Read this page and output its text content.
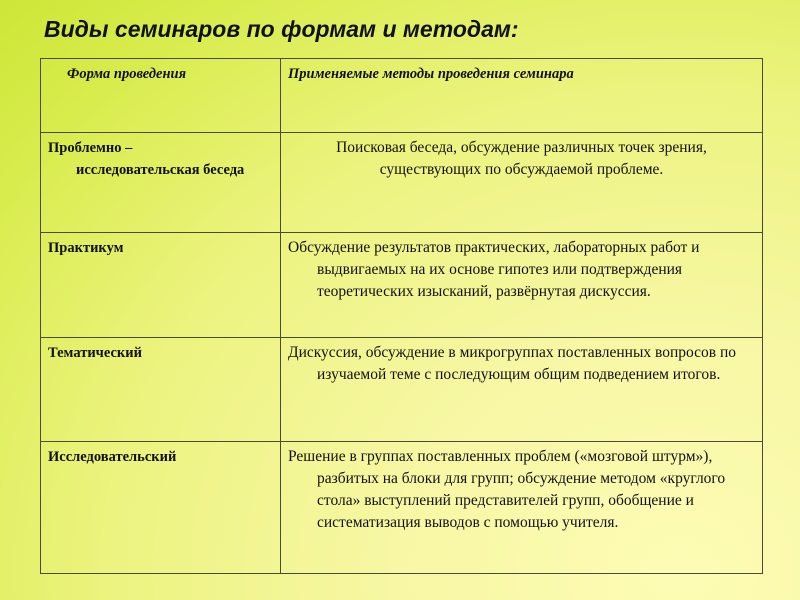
Виды семинаров по формам и методам:
Форма проведения	Применяемые методы проведения семинара

Проблемно –
исследовательская беседа	Поисковая беседа, обсуждение различных точек зрения, существующих по обсуждаемой проблеме.
Практикум	Обсуждение результатов практических, лабораторных работ и выдвигаемых на их основе гипотез или подтверждения теоретических изысканий, развёрнутая дискуссия.
Тематический	Дискуссия, обсуждение в микрогруппах поставленных вопросов по изучаемой теме с последующим общим подведением итогов.
Исследовательский	Решение в группах поставленных проблем («мозговой штурм»), разбитых на блоки для групп; обсуждение методом «круглого стола» выступлений представителей групп, обобщение и систематизация выводов с помощью учителя.
